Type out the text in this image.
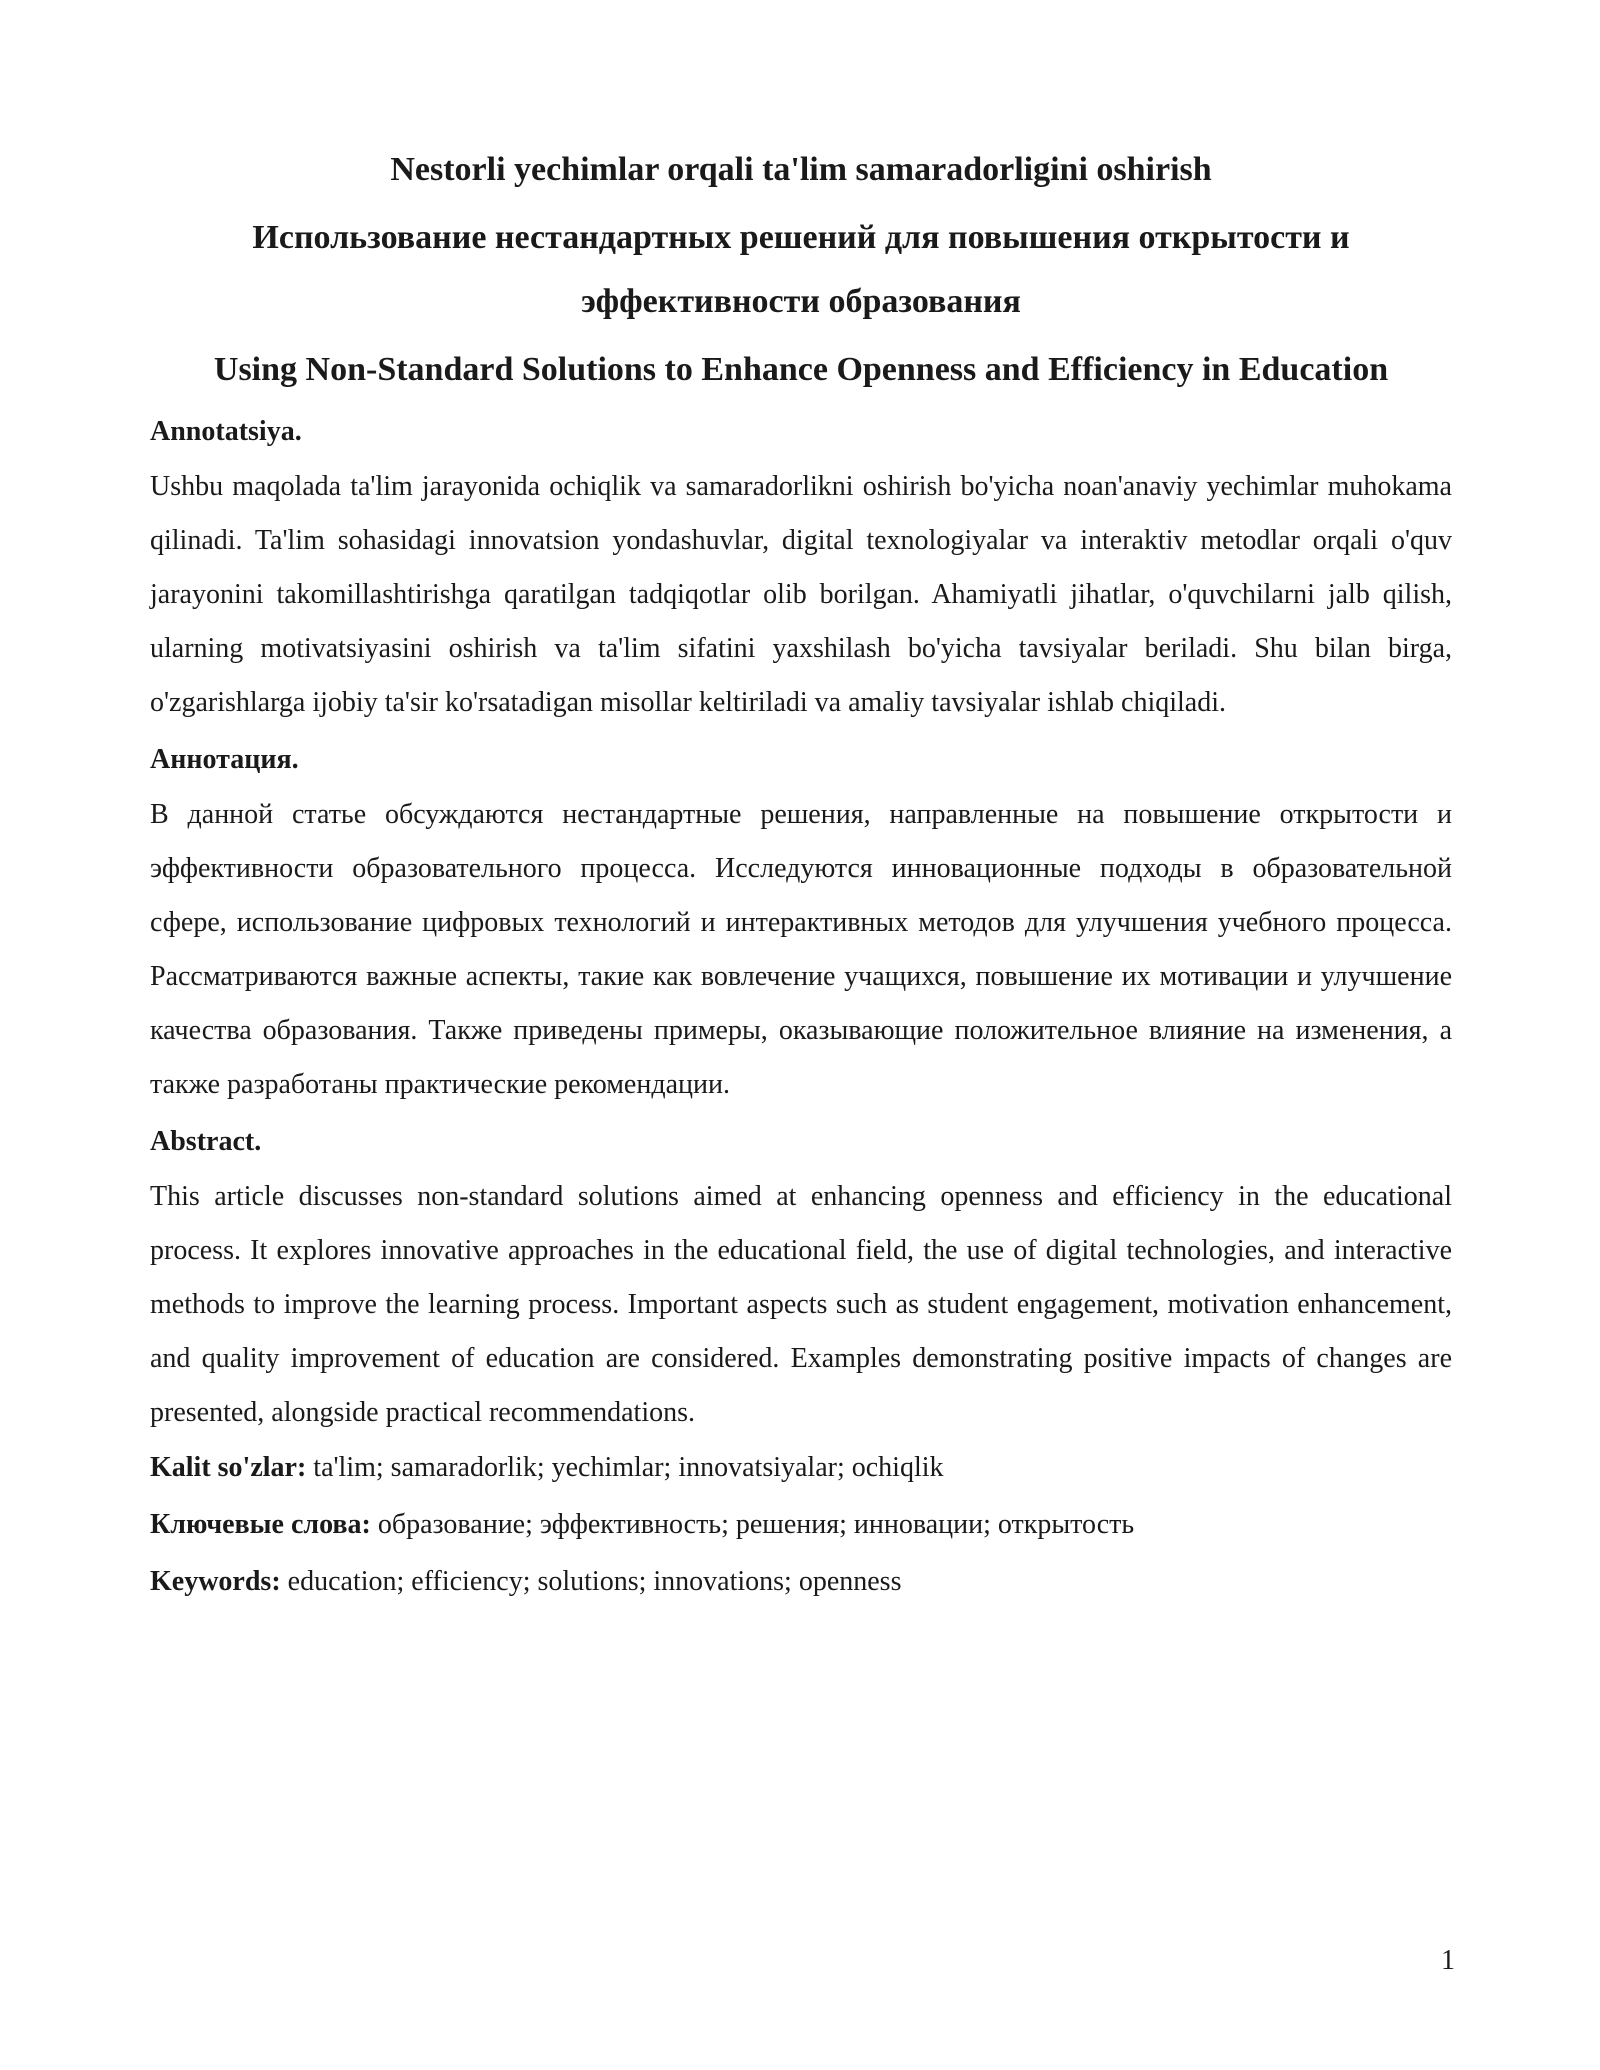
Nestorli yechimlar orqali ta'lim samaradorligini oshirish
Использование нестандартных решений для повышения открытости и эффективности образования
Using Non-Standard Solutions to Enhance Openness and Efficiency in Education
Annotatsiya.

Ushbu maqolada ta'lim jarayonida ochiqlik va samaradorlikni oshirish bo'yicha noan'anaviy yechimlar muhokama qilinadi. Ta'lim sohasidagi innovatsion yondashuvlar, digital texnologiyalar va interaktiv metodlar orqali o'quv jarayonini takomillashtirishga qaratilgan tadqiqotlar olib borilgan. Ahamiyatli jihatlar, o'quvchilarni jalb qilish, ularning motivatsiyasini oshirish va ta'lim sifatini yaxshilash bo'yicha tavsiyalar beriladi. Shu bilan birga, o'zgarishlarga ijobiy ta'sir ko'rsatadigan misollar keltiriladi va amaliy tavsiyalar ishlab chiqiladi.

Аннотация.

В данной статье обсуждаются нестандартные решения, направленные на повышение открытости и эффективности образовательного процесса. Исследуются инновационные подходы в образовательной сфере, использование цифровых технологий и интерактивных методов для улучшения учебного процесса. Рассматриваются важные аспекты, такие как вовлечение учащихся, повышение их мотивации и улучшение качества образования. Также приведены примеры, оказывающие положительное влияние на изменения, а также разработаны практические рекомендации.

Abstract.

This article discusses non-standard solutions aimed at enhancing openness and efficiency in the educational process. It explores innovative approaches in the educational field, the use of digital technologies, and interactive methods to improve the learning process. Important aspects such as student engagement, motivation enhancement, and quality improvement of education are considered. Examples demonstrating positive impacts of changes are presented, alongside practical recommendations.

Kalit so'zlar: ta'lim; samaradorlik; yechimlar; innovatsiyalar; ochiqlik
Ключевые слова: образование; эффективность; решения; инновации; открытость
Keywords: education; efficiency; solutions; innovations; openness
1
